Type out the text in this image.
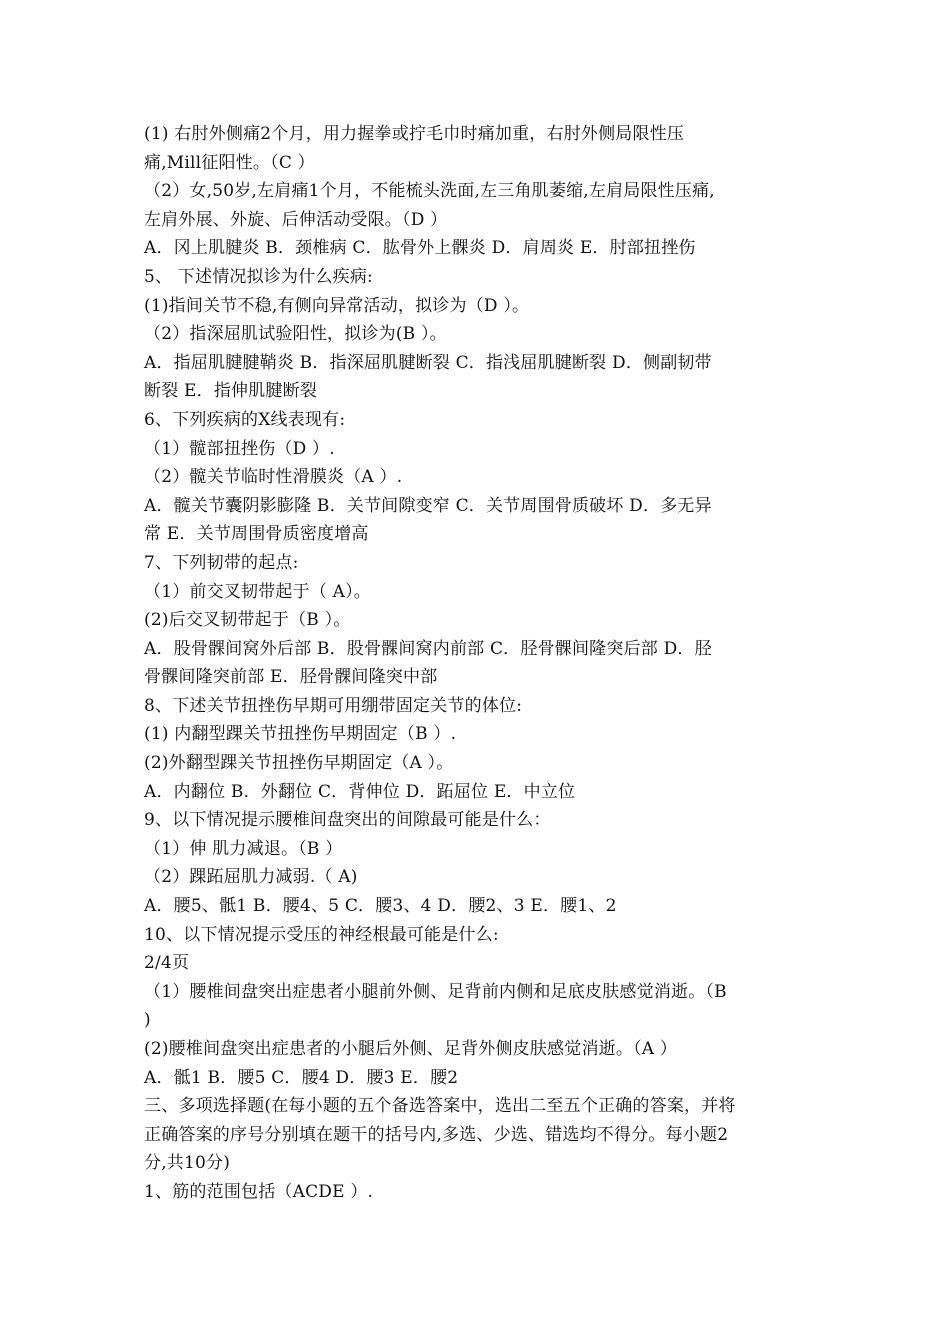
(1) 右肘外侧痛2个月，用力握拳或拧毛巾时痛加重，右肘外侧局限性压
痛,Mill征阳性。（C ）
（2）女,50岁,左肩痛1个月，不能梳头洗面,左三角肌萎缩,左肩局限性压痛,
左肩外展、外旋、后伸活动受限。（D ）
A．冈上肌腱炎 B．颈椎病 C．肱骨外上髁炎 D．肩周炎 E．肘部扭挫伤
5、 下述情况拟诊为什么疾病:
(1)指间关节不稳,有侧向异常活动，拟诊为（D ）。
（2）指深屈肌试验阳性，拟诊为(B ）。
A．指屈肌腱腱鞘炎 B．指深屈肌腱断裂 C．指浅屈肌腱断裂 D．侧副韧带
断裂 E．指伸肌腱断裂
6、下列疾病的X线表现有:
（1）髋部扭挫伤（D ）.
（2）髋关节临时性滑膜炎（A ）.
A．髋关节囊阴影膨隆 B．关节间隙变窄 C．关节周围骨质破坏 D．多无异
常 E．关节周围骨质密度增高
7、下列韧带的起点:
（1）前交叉韧带起于（ A）。
(2)后交叉韧带起于（B ）。
A．股骨髁间窝外后部 B．股骨髁间窝内前部 C．胫骨髁间隆突后部 D．胫
骨髁间隆突前部 E．胫骨髁间隆突中部
8、下述关节扭挫伤早期可用绷带固定关节的体位:
(1) 内翻型踝关节扭挫伤早期固定（B ）.
(2)外翻型踝关节扭挫伤早期固定（A ）。
A．内翻位 B．外翻位 C．背伸位 D．跖屈位 E．中立位
9、以下情况提示腰椎间盘突出的间隙最可能是什么：
（1）伸 肌力减退。（B ）
（2）踝跖屈肌力减弱.（ A)
A．腰5、骶1 B．腰4、5 C．腰3、4 D．腰2、3 E．腰1、2
10、以下情况提示受压的神经根最可能是什么:
2/4页
（1）腰椎间盘突出症患者小腿前外侧、足背前内侧和足底皮肤感觉消逝。（B
)
(2)腰椎间盘突出症患者的小腿后外侧、足背外侧皮肤感觉消逝。（A ）
A．骶1 B．腰5 C．腰4 D．腰3 E．腰2
三、多项选择题(在每小题的五个备选答案中，选出二至五个正确的答案，并将
正确答案的序号分别填在题干的括号内,多选、少选、错选均不得分。每小题2
分,共10分)
1、筋的范围包括（ACDE ）.
